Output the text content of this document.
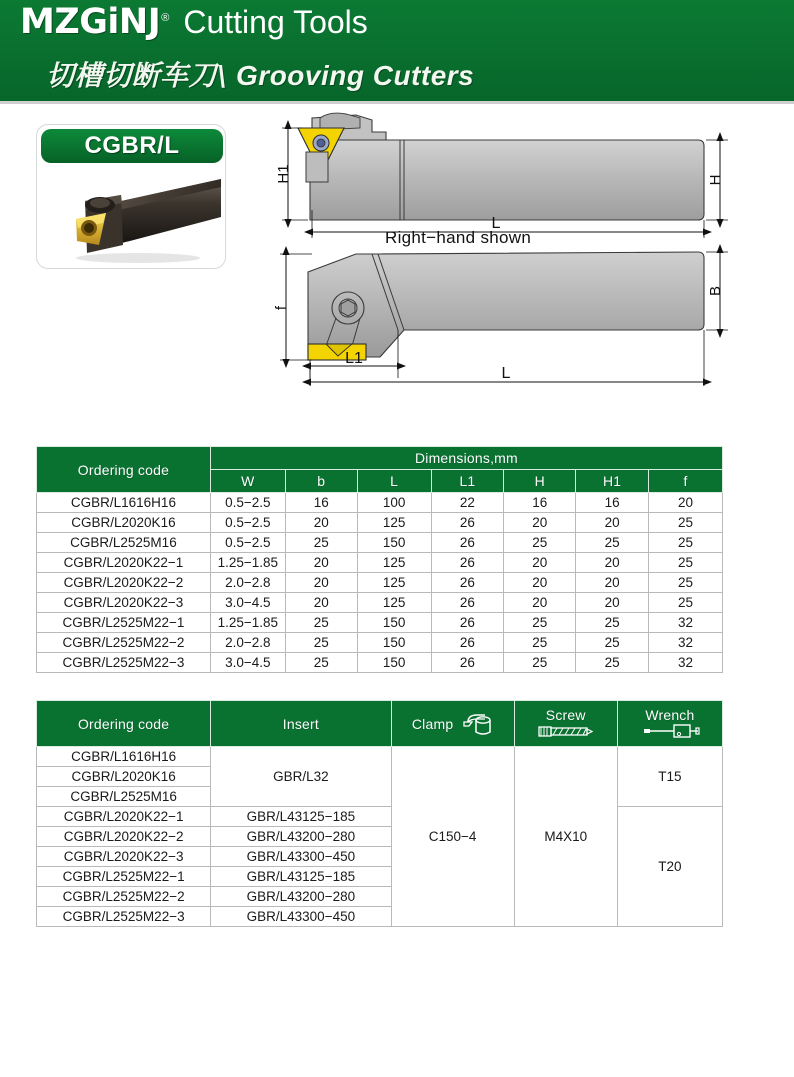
MZGiNJ ® Cutting Tools
切槽切断车刀\ Grooving Cutters
CGBR/L
H1	H
L
f
B
L1
L
Right−hand shown
Ordering code	Dimensions,mm						
	W	b	L	L1	H	H1	f
CGBR/L1616H16	0.5−2.5	16	100	22	16	16	20
CGBR/L2020K16	0.5−2.5	20	125	26	20	20	25
CGBR/L2525M16	0.5−2.5	25	150	26	25	25	25
CGBR/L2020K22−1	1.25−1.85	20	125	26	20	20	25
CGBR/L2020K22−2	2.0−2.8	20	125	26	20	20	25
CGBR/L2020K22−3	3.0−4.5	20	125	26	20	20	25
CGBR/L2525M22−1	1.25−1.85	25	150	26	25	25	32
CGBR/L2525M22−2	2.0−2.8	25	150	26	25	25	32
CGBR/L2525M22−3	3.0−4.5	25	150	26	25	25	32
Ordering code	Insert	Clamp	Screw	Wrench

CGBR/L1616H16	GBR/L32	C150−4	M4X10	T15
CGBR/L2020K16				
CGBR/L2525M16				
CGBR/L2020K22−1	GBR/L43125−185			T20
CGBR/L2020K22−2	GBR/L43200−280			
CGBR/L2020K22−3	GBR/L43300−450			
CGBR/L2525M22−1	GBR/L43125−185			
CGBR/L2525M22−2	GBR/L43200−280			
CGBR/L2525M22−3	GBR/L43300−450			
